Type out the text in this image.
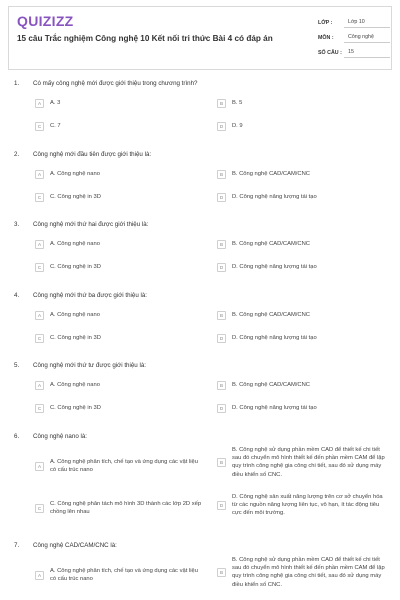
QUIZIZZ
15 câu Trắc nghiệm Công nghệ 10 Kết nối tri thức Bài 4 có đáp án
LỚP :	Lớp 10
MÔN :	Công nghệ
SỐ CÂU :	15
1. Có mấy công nghệ mới được giới thiệu trong chương trình?
A	A. 3	B	B. 5
C	C. 7	D	D. 9
2. Công nghệ mới đầu tiên được giới thiệu là:
A	A. Công nghệ nano	B	B. Công nghệ CAD/CAM/CNC
C	C. Công nghệ in 3D	D	D. Công nghệ năng lượng tái tạo
3. Công nghệ mới thứ hai được giới thiệu là:
A	A. Công nghệ nano	B	B. Công nghệ CAD/CAM/CNC
C	C. Công nghệ in 3D	D	D. Công nghệ năng lượng tái tạo
4. Công nghệ mới thứ ba được giới thiệu là:
A	A. Công nghệ nano	B	B. Công nghệ CAD/CAM/CNC
C	C. Công nghệ in 3D	D	D. Công nghệ năng lượng tái tạo
5. Công nghệ mới thứ tư được giới thiệu là:
A	A. Công nghệ nano	B	B. Công nghệ CAD/CAM/CNC
C	C. Công nghệ in 3D	D	D. Công nghệ năng lượng tái tạo
6. Công nghệ nano là:
A
A. Công nghệ phân tích, chế tạo và ứng dụng các vật liệu có cấu trúc nano
B
B. Công nghệ sử dụng phần mềm CAD để thiết kế chi tiết sau đó chuyển mô hình thiết kế đến phần mềm CAM để lập quy trình công nghệ gia công chi tiết, sau đó sử dụng máy điều khiển số CNC.
C
C. Công nghệ phân tách mô hình 3D thành các lớp 2D xếp chồng lên nhau
D
D. Công nghệ sản xuất năng lượng trên cơ sở chuyển hóa từ các nguồn năng lượng liên tục, vô hạn, ít tác động tiêu cực đến môi trường.
7. Công nghệ CAD/CAM/CNC là:
A
A. Công nghệ phân tích, chế tạo và ứng dụng các vật liệu có cấu trúc nano
B
B. Công nghệ sử dụng phần mềm CAD để thiết kế chi tiết sau đó chuyển mô hình thiết kế đến phần mềm CAM để lập quy trình công nghệ gia công chi tiết, sau đó sử dụng máy điều khiển số CNC.
